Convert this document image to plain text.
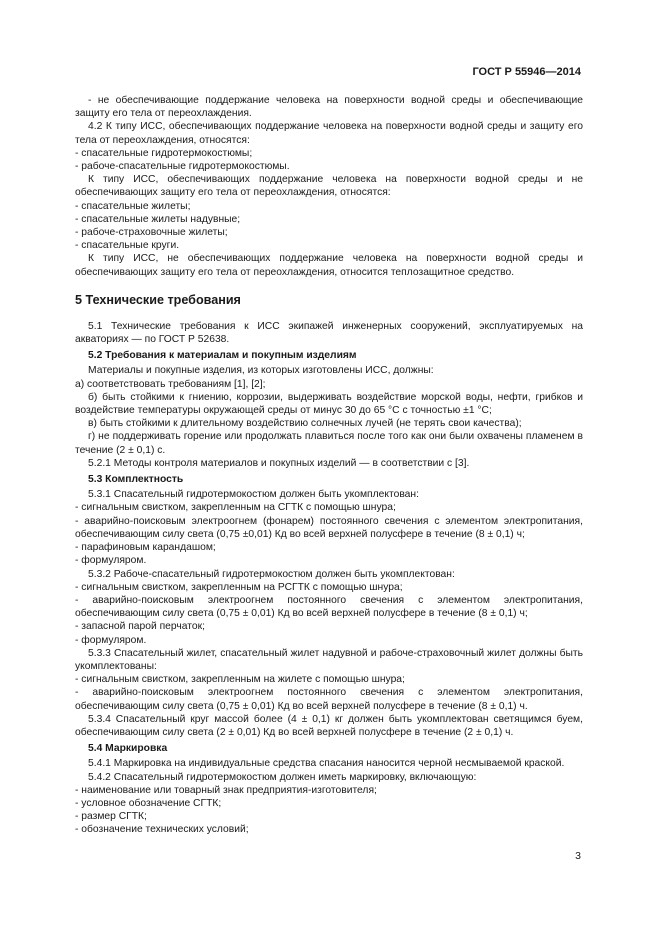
ГОСТ Р 55946—2014

- не обеспечивающие поддержание человека на поверхности водной среды и обеспечивающие защиту его тела от переохлаждения.

4.2 К типу ИСС, обеспечивающих поддержание человека на поверхности водной среды и защиту его тела от переохлаждения, относятся:

- спасательные гидротермокостюмы;

- рабоче-спасательные гидротермокостюмы.

К типу ИСС, обеспечивающих поддержание человека на поверхности водной среды и не обеспечивающих защиту его тела от переохлаждения, относятся:

- спасательные жилеты;

- спасательные жилеты надувные;

- рабоче-страховочные жилеты;

- спасательные круги.

К типу ИСС, не обеспечивающих поддержание человека на поверхности водной среды и обеспечивающих защиту его тела от переохлаждения, относится теплозащитное средство.

5 Технические требования

5.1 Технические требования к ИСС экипажей инженерных сооружений, эксплуатируемых на акваториях — по ГОСТ Р 52638.

5.2 Требования к материалам и покупным изделиям

Материалы и покупные изделия, из которых изготовлены ИСС, должны:

а) соответствовать требованиям [1], [2];

б) быть стойкими к гниению, коррозии, выдерживать воздействие морской воды, нефти, грибков и воздействие температуры окружающей среды от минус 30 до 65 °С с точностью ±1 °С;

в) быть стойкими к длительному воздействию солнечных лучей (не терять свои качества);

г) не поддерживать горение или продолжать плавиться после того как они были охвачены пламенем в течение (2 ± 0,1) с.

5.2.1 Методы контроля материалов и покупных изделий — в соответствии с [3].

5.3 Комплектность

5.3.1 Спасательный гидротермокостюм должен быть укомплектован:

- сигнальным свистком, закрепленным на СГТК с помощью шнура;

- аварийно-поисковым электроогнем (фонарем) постоянного свечения с элементом электропитания, обеспечивающим силу света (0,75 ±0,01) Кд во всей верхней полусфере в течение (8 ± 0,1) ч;

- парафиновым карандашом;

- формуляром.

5.3.2 Рабоче-спасательный гидротермокостюм должен быть укомплектован:

- сигнальным свистком, закрепленным на РСГТК с помощью шнура;

- аварийно-поисковым электроогнем постоянного свечения с элементом электропитания, обеспечивающим силу света (0,75 ± 0,01) Кд во всей верхней полусфере в течение (8 ± 0,1) ч;

- запасной парой перчаток;

- формуляром.

5.3.3 Спасательный жилет, спасательный жилет надувной и рабоче-страховочный жилет должны быть укомплектованы:

- сигнальным свистком, закрепленным на жилете с помощью шнура;

- аварийно-поисковым электроогнем постоянного свечения с элементом электропитания, обеспечивающим силу света (0,75 ± 0,01) Кд во всей верхней полусфере в течение (8 ± 0,1) ч.

5.3.4 Спасательный круг массой более (4 ± 0,1) кг должен быть укомплектован светящимся буем, обеспечивающим силу света (2 ± 0,01) Кд во всей верхней полусфере в течение (2 ± 0,1) ч.

5.4 Маркировка

5.4.1 Маркировка на индивидуальные средства спасания наносится черной несмываемой краской.

5.4.2 Спасательный гидротермокостюм должен иметь маркировку, включающую:

- наименование или товарный знак предприятия-изготовителя;

- условное обозначение СГТК;

- размер СГТК;

- обозначение технических условий;

3
